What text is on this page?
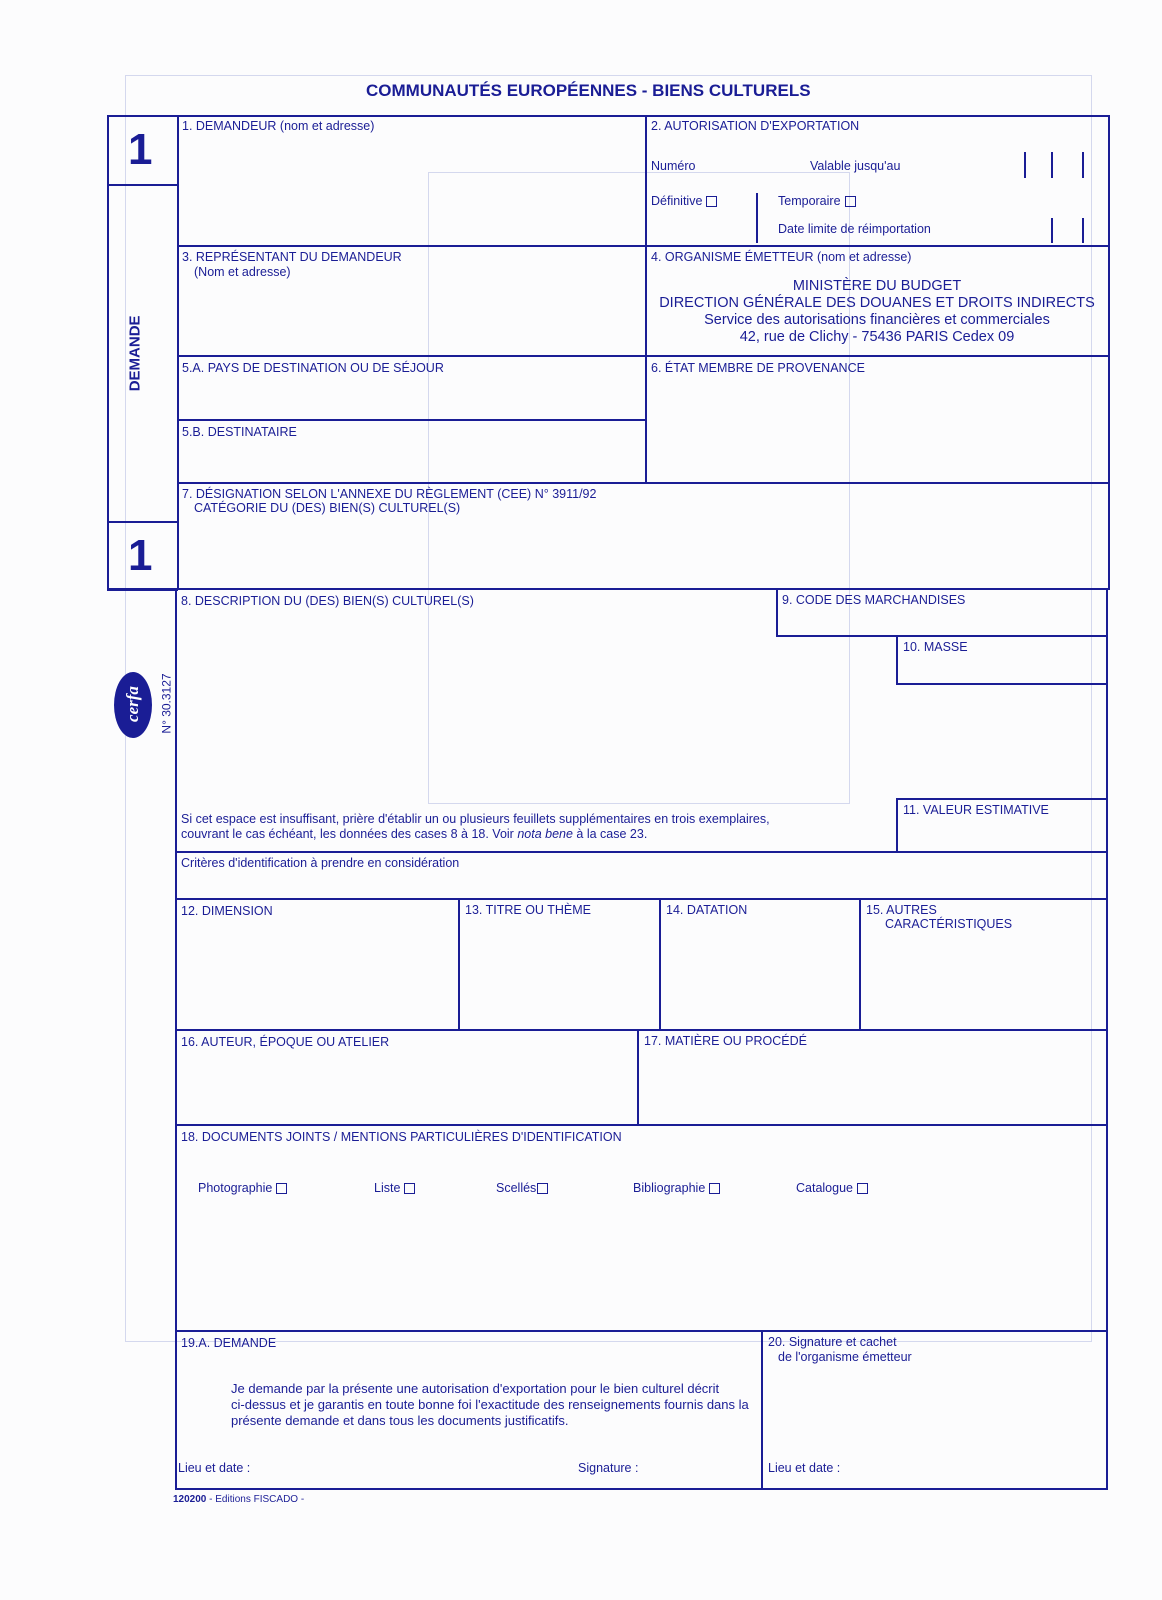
COMMUNAUTÉS EUROPÉENNES - BIENS CULTURELS
1
1
DEMANDE
cerfa N° 30.3127
1. DEMANDEUR (nom et adresse)	2. AUTORISATION D'EXPORTATION
Numéro	Valable jusqu'au
Définitive	Temporaire
Date limite de réimportation
3. REPRÉSENTANT DU DEMANDEUR
(Nom et adresse)
4. ORGANISME ÉMETTEUR (nom et adresse)
MINISTÈRE DU BUDGET
DIRECTION GÉNÉRALE DES DOUANES ET DROITS INDIRECTS
Service des autorisations financières et commerciales
42, rue de Clichy - 75436 PARIS Cedex 09
5.A. PAYS DE DESTINATION OU DE SÉJOUR
5.B. DESTINATAIRE
6. ÉTAT MEMBRE DE PROVENANCE
7. DÉSIGNATION SELON L'ANNEXE DU RÈGLEMENT (CEE) N° 3911/92
CATÉGORIE DU (DES) BIEN(S) CULTUREL(S)
8. DESCRIPTION DU (DES) BIEN(S) CULTUREL(S)	9. CODE DES MARCHANDISES
10. MASSE
11. VALEUR ESTIMATIVE
Si cet espace est insuffisant, prière d'établir un ou plusieurs feuillets supplémentaires en trois exemplaires,
couvrant le cas échéant, les données des cases 8 à 18. Voir nota bene à la case 23.
Critères d'identification à prendre en considération
12. DIMENSION	13. TITRE OU THÈME	14. DATATION	15. AUTRES
CARACTÉRISTIQUES
16. AUTEUR, ÉPOQUE OU ATELIER	17. MATIÈRE OU PROCÉDÉ
18. DOCUMENTS JOINTS / MENTIONS PARTICULIÈRES D'IDENTIFICATION
Photographie	Liste	Scellés	Bibliographie	Catalogue
19.A. DEMANDE
Je demande par la présente une autorisation d'exportation pour le bien culturel décrit
ci-dessus et je garantis en toute bonne foi l'exactitude des renseignements fournis dans la
présente demande et dans tous les documents justificatifs.
Lieu et date :	Signature :
20. Signature et cachet
de l'organisme émetteur
Lieu et date :
120200 - Editions FISCADO -
